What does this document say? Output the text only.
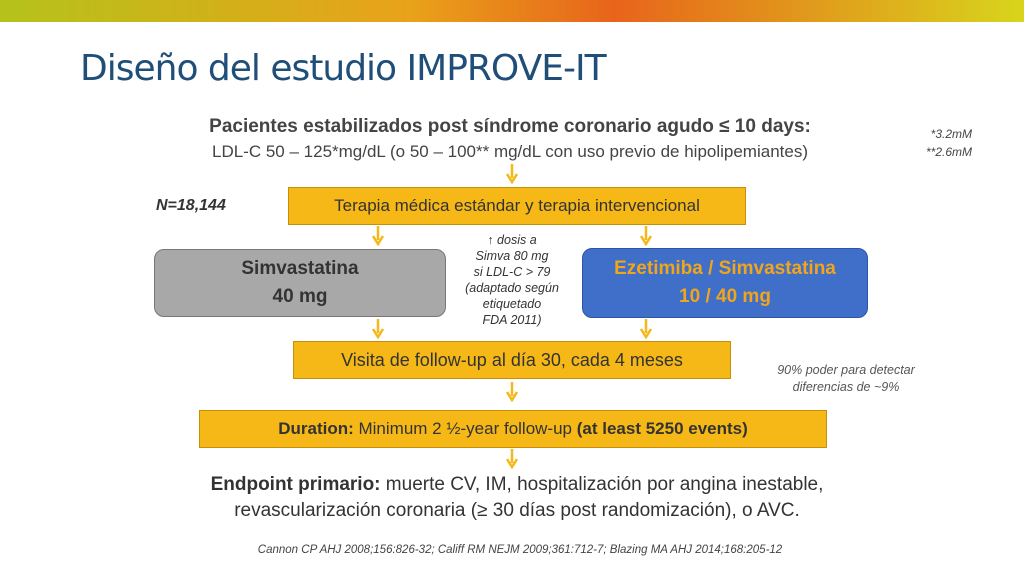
Diseño del estudio IMPROVE-IT
Pacientes estabilizados post síndrome coronario agudo ≤ 10 days:
LDL-C 50 – 125*mg/dL (o 50 – 100** mg/dL con uso previo de hipolipemiantes)
*3.2mM
**2.6mM
N=18,144	Terapia médica estándar y terapia intervencional
Simvastatina
40 mg
↑ dosis a
Simva 80 mg
si LDL-C > 79
(adaptado según
etiquetado
FDA 2011)
Ezetimiba / Simvastatina
10 / 40 mg
Visita de follow-up al día 30, cada 4 meses
90% poder para detectar
diferencias de ~9%
Duration: Minimum 2 ½-year follow-up (at least 5250 events)
Endpoint primario: muerte CV, IM, hospitalización por angina inestable,
revascularización coronaria (≥ 30 días post randomización), o AVC.
Cannon CP AHJ 2008;156:826-32; Califf RM NEJM 2009;361:712-7; Blazing MA AHJ 2014;168:205-12
